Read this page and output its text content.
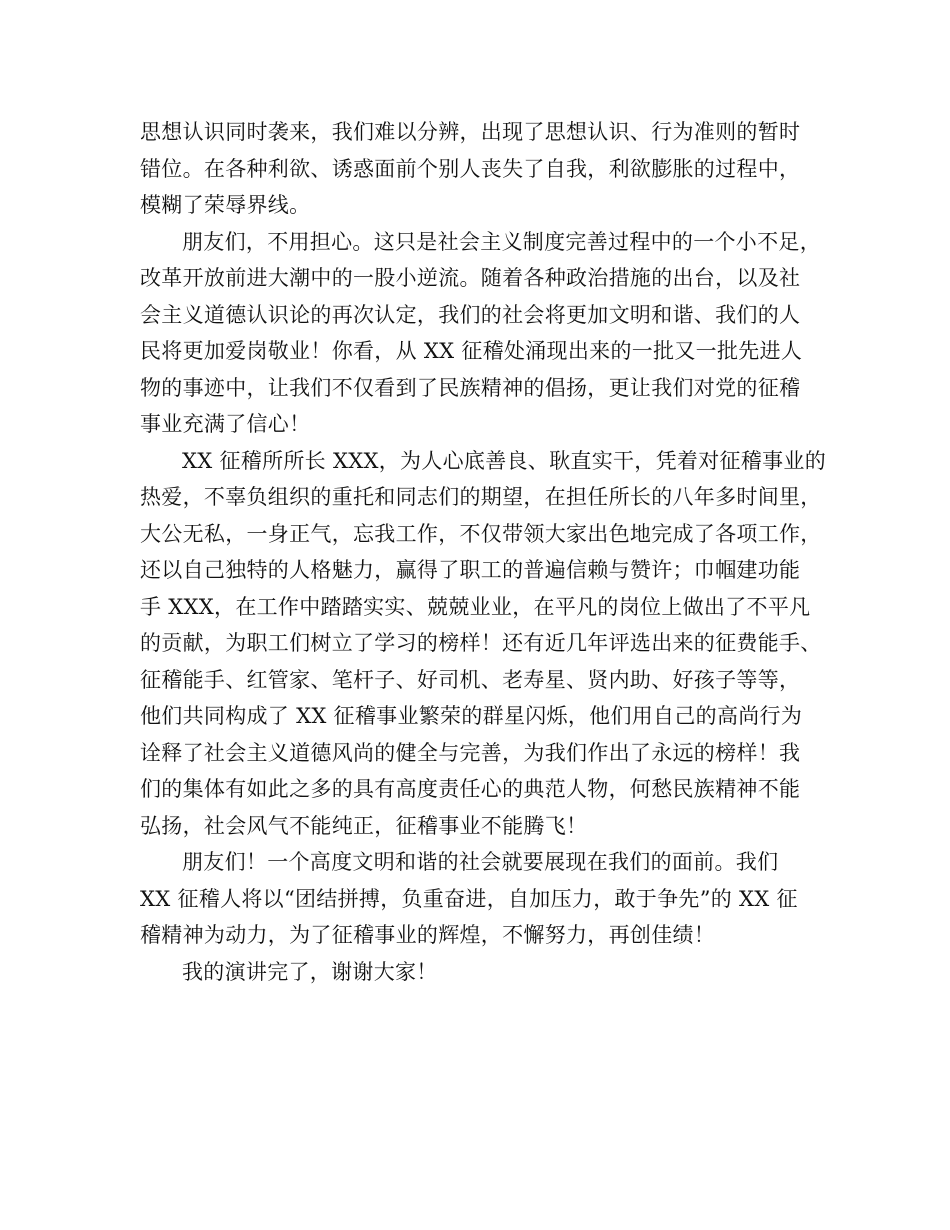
思想认识同时袭来，我们难以分辨，出现了思想认识、行为准则的暂时
错位。在各种利欲、诱惑面前个别人丧失了自我，利欲膨胀的过程中，
模糊了荣辱界线。
朋友们，不用担心。这只是社会主义制度完善过程中的一个小不足，
改革开放前进大潮中的一股小逆流。随着各种政治措施的出台，以及社
会主义道德认识论的再次认定，我们的社会将更加文明和谐、我们的人
民将更加爱岗敬业！你看，从 XX 征稽处涌现出来的一批又一批先进人
物的事迹中，让我们不仅看到了民族精神的倡扬，更让我们对党的征稽
事业充满了信心！
XX 征稽所所长 XXX，为人心底善良、耿直实干，凭着对征稽事业的
热爱，不辜负组织的重托和同志们的期望，在担任所长的八年多时间里，
大公无私，一身正气，忘我工作，不仅带领大家出色地完成了各项工作，
还以自己独特的人格魅力，赢得了职工的普遍信赖与赞许；巾帼建功能
手 XXX，在工作中踏踏实实、兢兢业业，在平凡的岗位上做出了不平凡
的贡献，为职工们树立了学习的榜样！还有近几年评选出来的征费能手、
征稽能手、红管家、笔杆子、好司机、老寿星、贤内助、好孩子等等，
他们共同构成了 XX 征稽事业繁荣的群星闪烁，他们用自己的高尚行为
诠释了社会主义道德风尚的健全与完善，为我们作出了永远的榜样！我
们的集体有如此之多的具有高度责任心的典范人物，何愁民族精神不能
弘扬，社会风气不能纯正，征稽事业不能腾飞！
朋友们！一个高度文明和谐的社会就要展现在我们的面前。我们
XX 征稽人将以“团结拼搏，负重奋进，自加压力，敢于争先”的 XX 征
稽精神为动力，为了征稽事业的辉煌，不懈努力，再创佳绩！
我的演讲完了，谢谢大家！
